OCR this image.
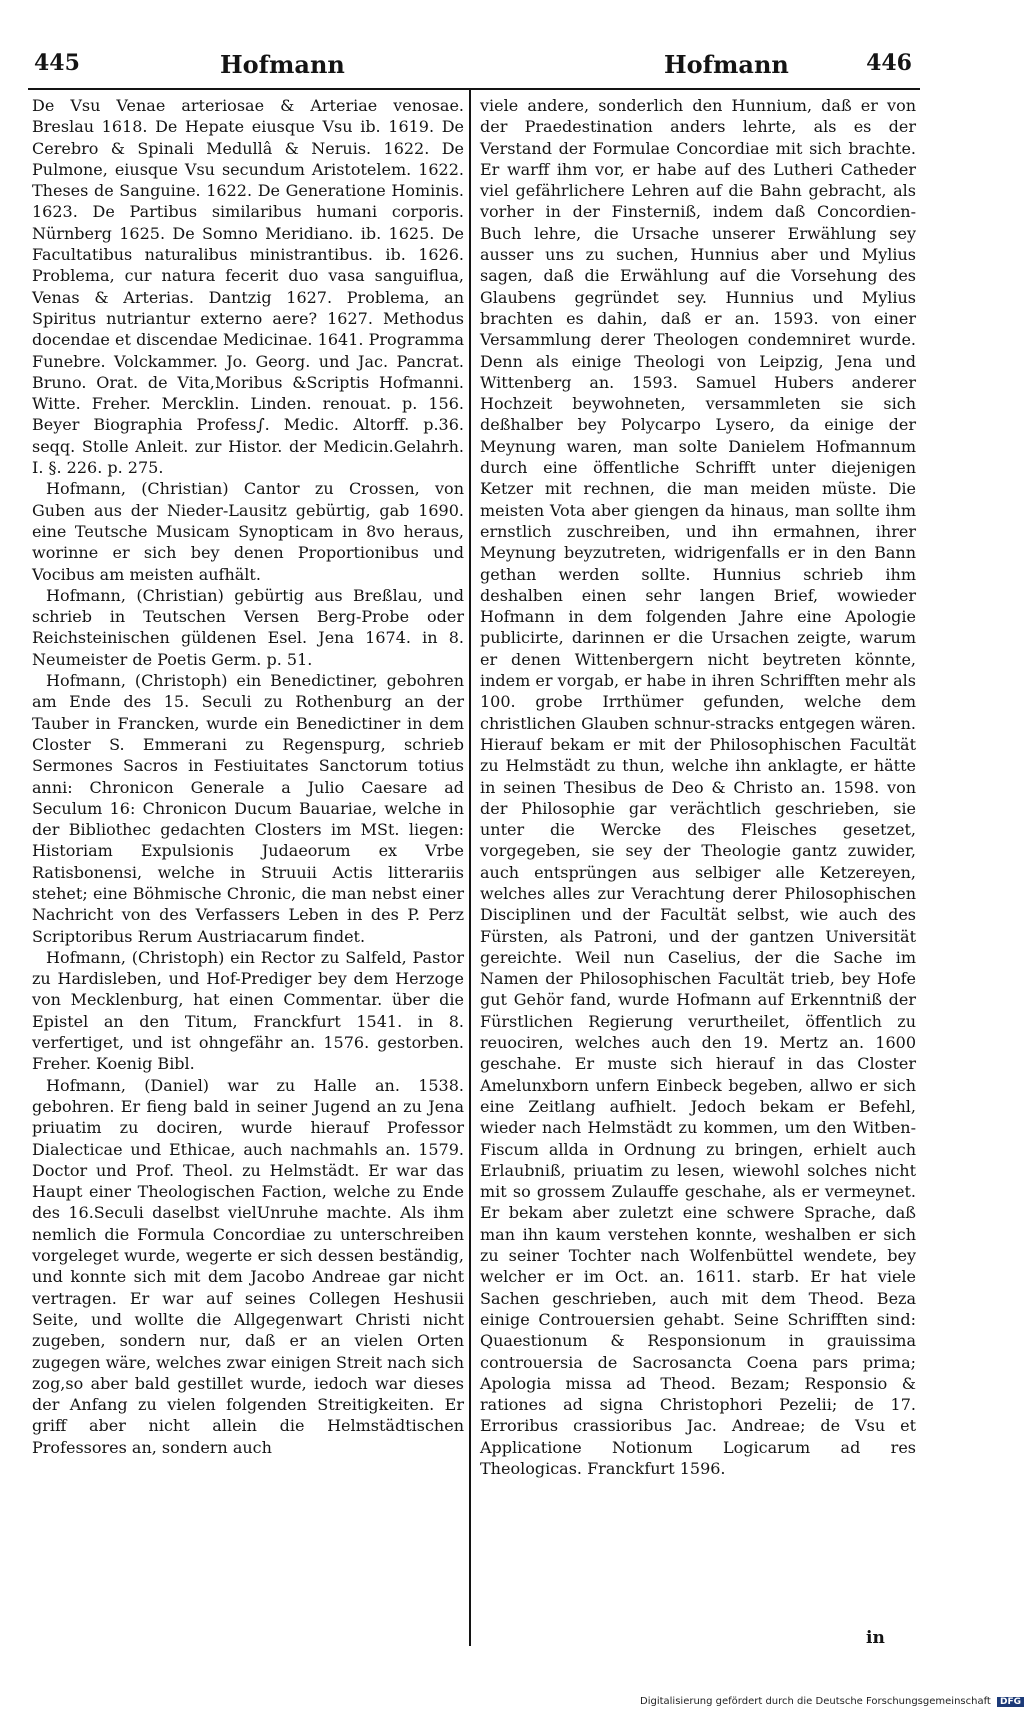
445	Hofmann	Hofmann	446

De Vsu Venae arteriosae & Arteriae venosae. Breslau 1618. De Hepate eiusque Vsu ib. 1619. De Cerebro & Spinali Medullâ & Neruis. 1622. De Pulmone, eiusque Vsu secundum Aristotelem. 1622. Theses de Sanguine. 1622. De Generatione Hominis. 1623. De Partibus similaribus humani corporis. Nürnberg 1625. De Somno Meridiano. ib. 1625. De Facultatibus naturalibus ministrantibus. ib. 1626. Problema, cur natura fecerit duo vasa sanguiflua, Venas & Arterias. Dantzig 1627. Problema, an Spiritus nutriantur externo aere? 1627. Methodus docendae et discendae Medicinae. 1641. Programma Funebre. Volckammer. Jo. Georg. und Jac. Pancrat. Bruno. Orat. de Vita,Moribus &Scriptis Hofmanni. Witte. Freher. Mercklin. Linden. renouat. p. 156. Beyer Biographia Profess∫. Medic. Altorff. p.36. seqq. Stolle Anleit. zur Histor. der Medicin.Gelahrh. I. §. 226. p. 275.

Hofmann, (Christian) Cantor zu Crossen, von Guben aus der Nieder-Lausitz gebürtig, gab 1690. eine Teutsche Musicam Synopticam in 8vo heraus, worinne er sich bey denen Proportionibus und Vocibus am meisten aufhält.

Hofmann, (Christian) gebürtig aus Breßlau, und schrieb in Teutschen Versen Berg-Probe oder Reichsteinischen güldenen Esel. Jena 1674. in 8. Neumeister de Poetis Germ. p. 51.

Hofmann, (Christoph) ein Benedictiner, gebohren am Ende des 15. Seculi zu Rothenburg an der Tauber in Francken, wurde ein Benedictiner in dem Closter S. Emmerani zu Regenspurg, schrieb Sermones Sacros in Festiuitates Sanctorum totius anni: Chronicon Generale a Julio Caesare ad Seculum 16: Chronicon Ducum Bauariae, welche in der Bibliothec gedachten Closters im MSt. liegen: Historiam Expulsionis Judaeorum ex Vrbe Ratisbonensi, welche in Struuii Actis litterariis stehet; eine Böhmische Chronic, die man nebst einer Nachricht von des Verfassers Leben in des P. Perz Scriptoribus Rerum Austriacarum findet.

Hofmann, (Christoph) ein Rector zu Salfeld, Pastor zu Hardisleben, und Hof-Prediger bey dem Herzoge von Mecklenburg, hat einen Commentar. über die Epistel an den Titum, Franckfurt 1541. in 8. verfertiget, und ist ohngefähr an. 1576. gestorben. Freher. Koenig Bibl.

Hofmann, (Daniel) war zu Halle an. 1538. gebohren. Er fieng bald in seiner Jugend an zu Jena priuatim zu dociren, wurde hierauf Professor Dialecticae und Ethicae, auch nachmahls an. 1579. Doctor und Prof. Theol. zu Helmstädt. Er war das Haupt einer Theologischen Faction, welche zu Ende des 16.Seculi daselbst vielUnruhe machte. Als ihm nemlich die Formula Concordiae zu unterschreiben vorgeleget wurde, wegerte er sich dessen beständig, und konnte sich mit dem Jacobo Andreae gar nicht vertragen. Er war auf seines Collegen Heshusii Seite, und wollte die Allgegenwart Christi nicht zugeben, sondern nur, daß er an vielen Orten zugegen wäre, welches zwar einigen Streit nach sich zog,so aber bald gestillet wurde, iedoch war dieses der Anfang zu vielen folgenden Streitigkeiten. Er griff aber nicht allein die Helmstädtischen Professores an, sondern auch

viele andere, sonderlich den Hunnium, daß er von der Praedestination anders lehrte, als es der Verstand der Formulae Concordiae mit sich brachte. Er warff ihm vor, er habe auf des Lutheri Catheder viel gefährlichere Lehren auf die Bahn gebracht, als vorher in der Finsterniß, indem daß Concordien-Buch lehre, die Ursache unserer Erwählung sey ausser uns zu suchen, Hunnius aber und Mylius sagen, daß die Erwählung auf die Vorsehung des Glaubens gegründet sey. Hunnius und Mylius brachten es dahin, daß er an. 1593. von einer Versammlung derer Theologen condemniret wurde. Denn als einige Theologi von Leipzig, Jena und Wittenberg an. 1593. Samuel Hubers anderer Hochzeit beywohneten, versammleten sie sich deßhalber bey Polycarpo Lysero, da einige der Meynung waren, man solte Danielem Hofmannum durch eine öffentliche Schrifft unter diejenigen Ketzer mit rechnen, die man meiden müste. Die meisten Vota aber giengen da hinaus, man sollte ihm ernstlich zuschreiben, und ihn ermahnen, ihrer Meynung beyzutreten, widrigenfalls er in den Bann gethan werden sollte. Hunnius schrieb ihm deshalben einen sehr langen Brief, wowieder Hofmann in dem folgenden Jahre eine Apologie publicirte, darinnen er die Ursachen zeigte, warum er denen Wittenbergern nicht beytreten könnte, indem er vorgab, er habe in ihren Schrifften mehr als 100. grobe Irrthümer gefunden, welche dem christlichen Glauben schnur-stracks entgegen wären. Hierauf bekam er mit der Philosophischen Facultät zu Helmstädt zu thun, welche ihn anklagte, er hätte in seinen Thesibus de Deo & Christo an. 1598. von der Philosophie gar verächtlich geschrieben, sie unter die Wercke des Fleisches gesetzet, vorgegeben, sie sey der Theologie gantz zuwider, auch entsprüngen aus selbiger alle Ketzereyen, welches alles zur Verachtung derer Philosophischen Disciplinen und der Facultät selbst, wie auch des Fürsten, als Patroni, und der gantzen Universität gereichte. Weil nun Caselius, der die Sache im Namen der Philosophischen Facultät trieb, bey Hofe gut Gehör fand, wurde Hofmann auf Erkenntniß der Fürstlichen Regierung verurtheilet, öffentlich zu reuociren, welches auch den 19. Mertz an. 1600 geschahe. Er muste sich hierauf in das Closter Amelunxborn unfern Einbeck begeben, allwo er sich eine Zeitlang aufhielt. Jedoch bekam er Befehl, wieder nach Helmstädt zu kommen, um den Witben-Fiscum allda in Ordnung zu bringen, erhielt auch Erlaubniß, priuatim zu lesen, wiewohl solches nicht mit so grossem Zulauffe geschahe, als er vermeynet. Er bekam aber zuletzt eine schwere Sprache, daß man ihn kaum verstehen konnte, weshalben er sich zu seiner Tochter nach Wolfenbüttel wendete, bey welcher er im Oct. an. 1611. starb. Er hat viele Sachen geschrieben, auch mit dem Theod. Beza einige Controuersien gehabt. Seine Schrifften sind: Quaestionum & Responsionum in grauissima controuersia de Sacrosancta Coena pars prima; Apologia missa ad Theod. Bezam; Responsio & rationes ad signa Christophori Pezelii; de 17. Erroribus crassioribus Jac. Andreae; de Vsu et Applicatione Notionum Logicarum ad res Theologicas. Franckfurt 1596.

in
Digitalisierung gefördert durch die Deutsche Forschungsgemeinschaft DFG
